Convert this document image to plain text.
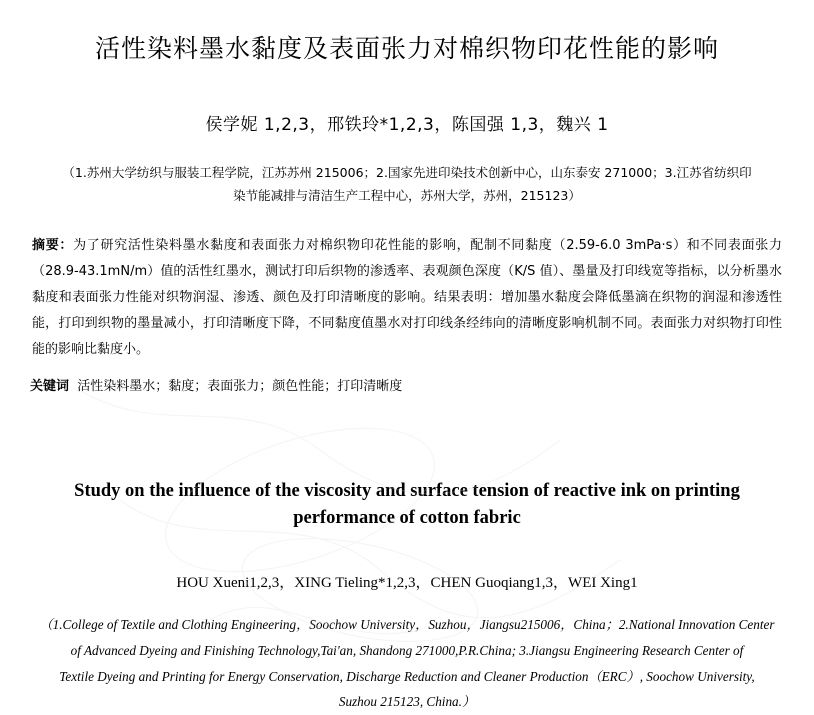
活性染料墨水黏度及表面张力对棉织物印花性能的影响
侯学妮 1,2,3，邢铁玲*1,2,3，陈国强 1,3，魏兴 1
（1.苏州大学纺织与服装工程学院，江苏苏州 215006；2.国家先进印染技术创新中心，山东泰安 271000；3.江苏省纺织印
染节能减排与清洁生产工程中心，苏州大学，苏州，215123）
摘要：为了研究活性染料墨水黏度和表面张力对棉织物印花性能的影响，配制不同黏度（2.59-6.0 3mPa·s）和不同表面张力（28.9-43.1mN/m）值的活性红墨水，测试打印后织物的渗透率、表观颜色深度（K/S 值）、墨量及打印线宽等指标，以分析墨水黏度和表面张力性能对织物润湿、渗透、颜色及打印清晰度的影响。结果表明：增加墨水黏度会降低墨滴在织物的润湿和渗透性能，打印到织物的墨量减小，打印清晰度下降，不同黏度值墨水对打印线条经纬向的清晰度影响机制不同。表面张力对织物打印性能的影响比黏度小。
关键词 活性染料墨水；黏度；表面张力；颜色性能；打印清晰度
Study on the influence of the viscosity and surface tension of reactive ink on printing performance of cotton fabric
HOU Xueni1,2,3，XING Tieling*1,2,3，CHEN Guoqiang1,3，WEI Xing1
（1.College of Textile and Clothing Engineering，Soochow University，Suzhou，Jiangsu215006，China；2.National Innovation Center
of Advanced Dyeing and Finishing Technology,Tai'an, Shandong 271000,P.R.China; 3.Jiangsu Engineering Research Center of
Textile Dyeing and Printing for Energy Conservation, Discharge Reduction and Cleaner Production（ERC）, Soochow University,
Suzhou 215123, China.）
